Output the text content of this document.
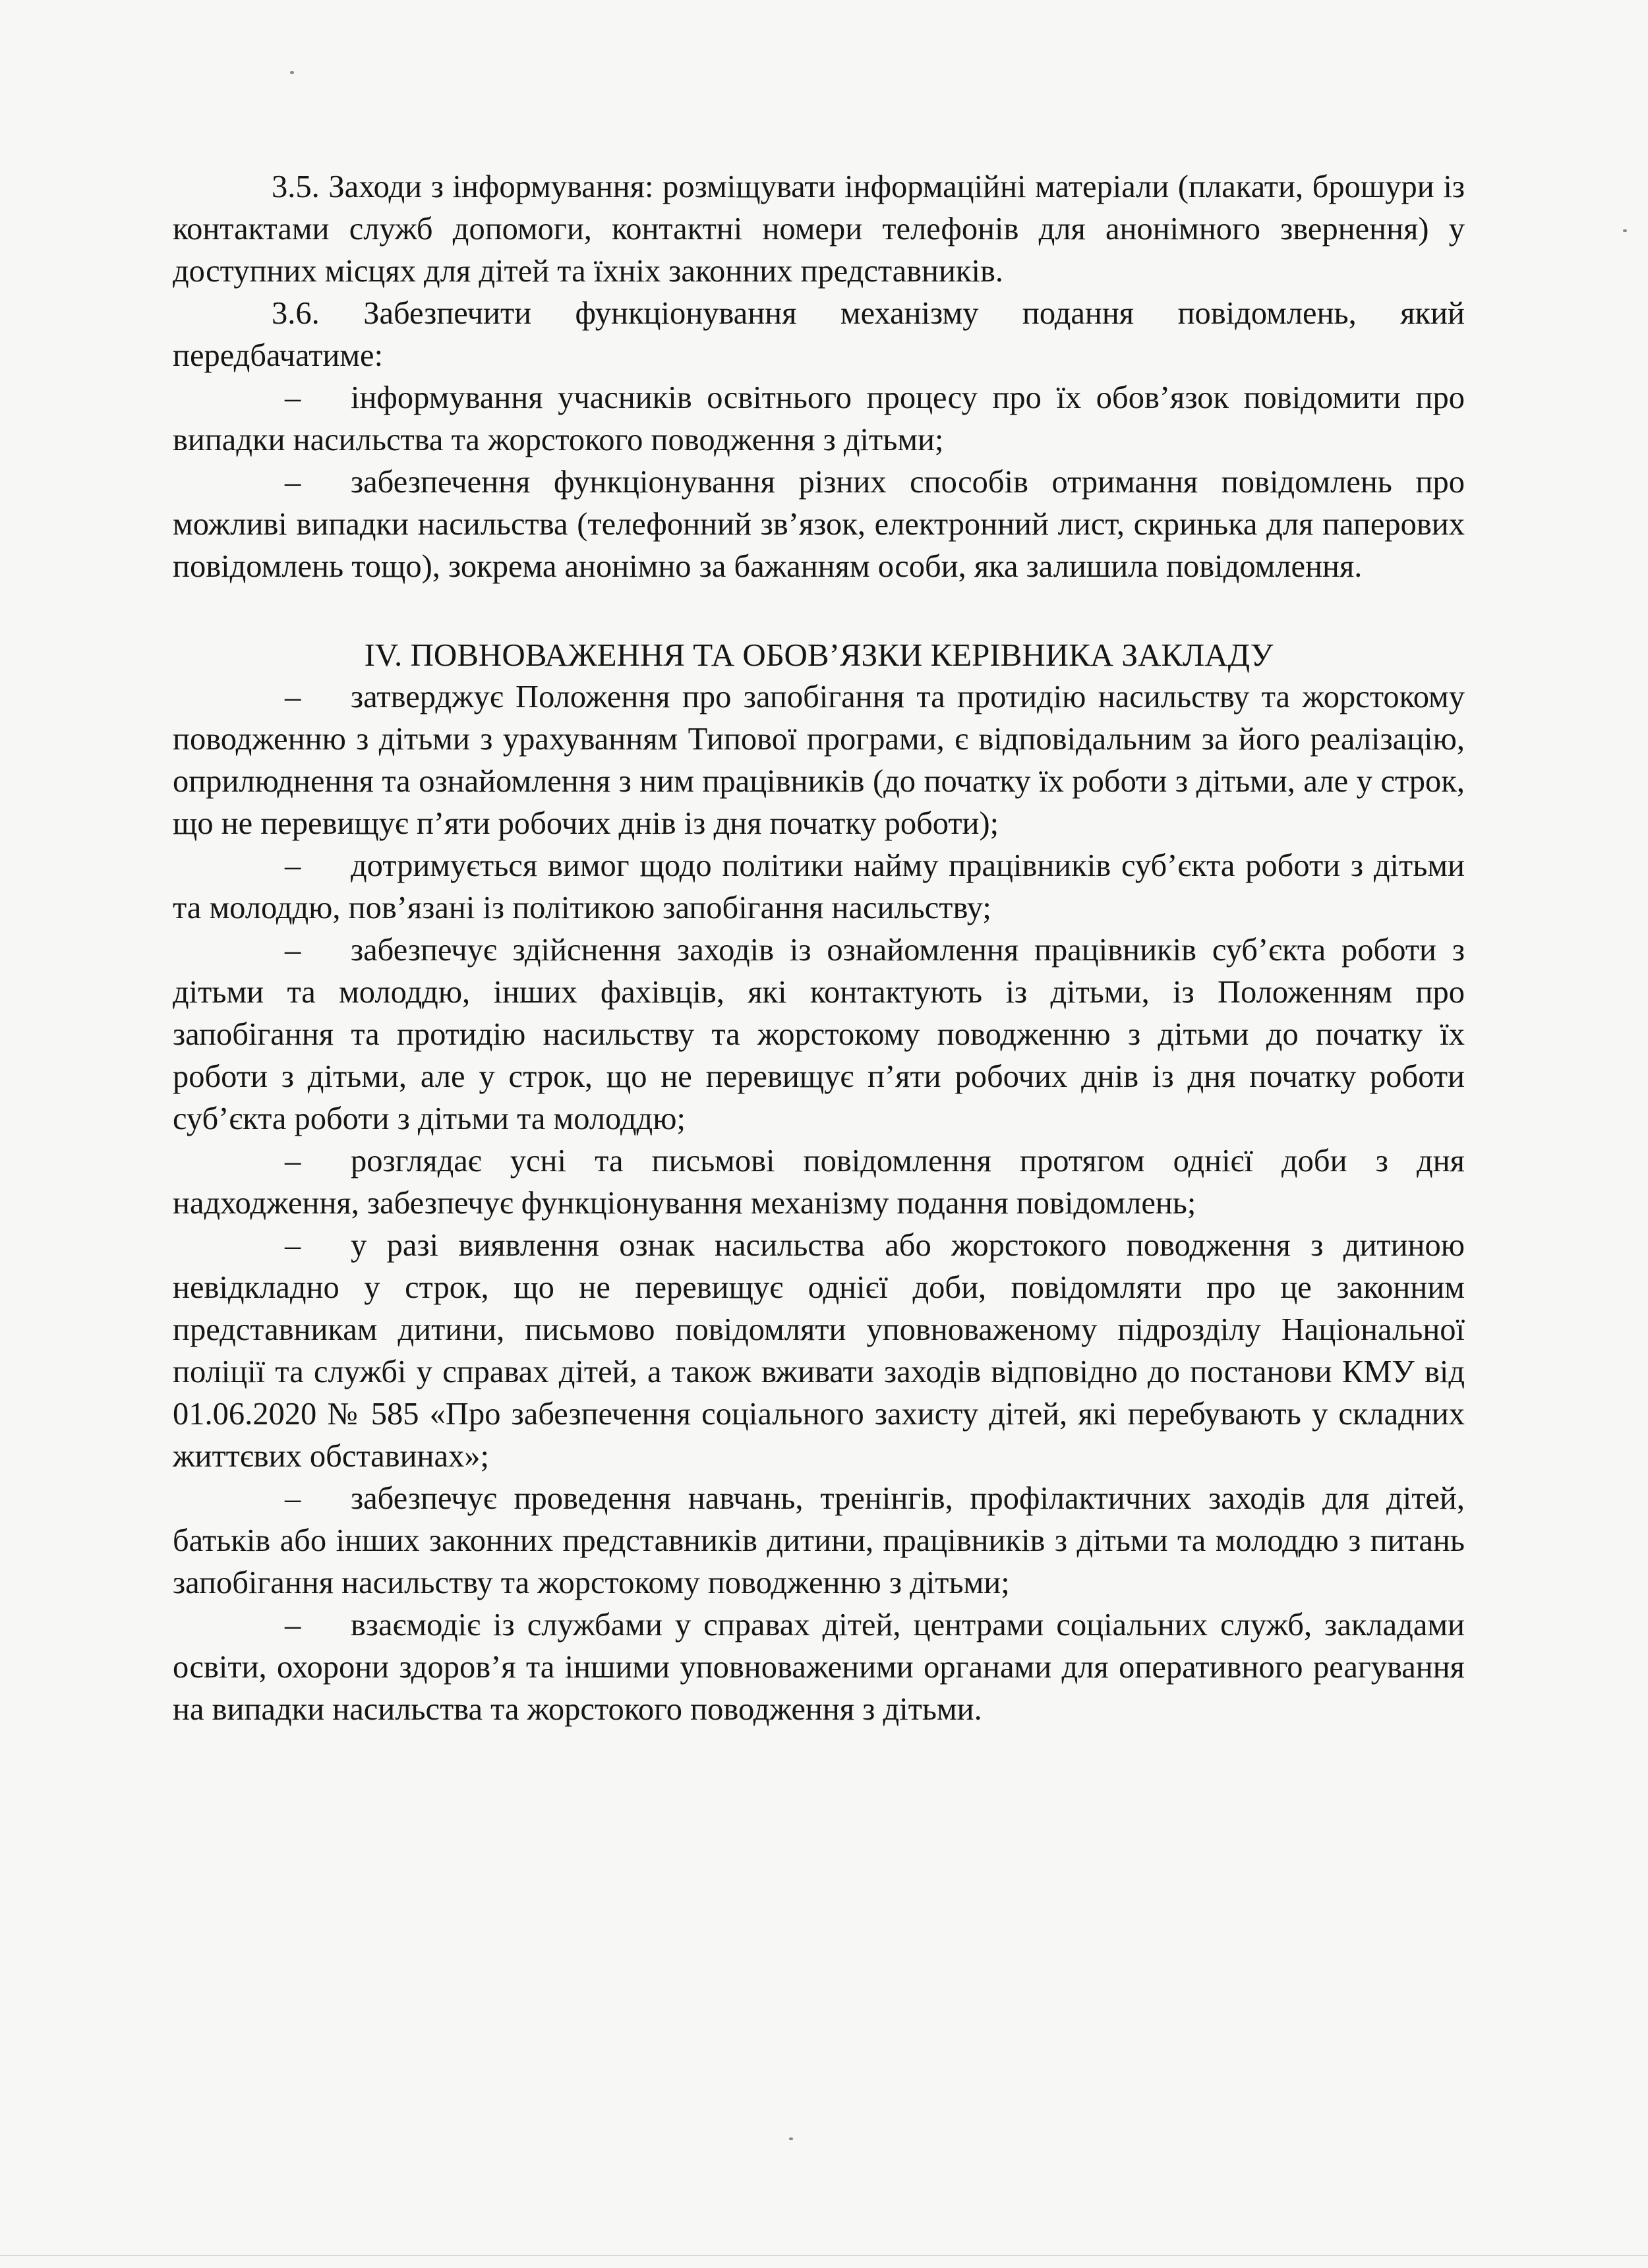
3.5. Заходи з інформування: розміщувати інформаційні матеріали (плакати, брошури із контактами служб допомоги, контактні номери телефонів для анонімного звернення) у доступних місцях для дітей та їхніх законних представників.

3.6. Забезпечити функціонування механізму подання повідомлень, який передбачатиме:

– інформування учасників освітнього процесу про їх обов’язок повідомити про випадки насильства та жорстокого поводження з дітьми;

– забезпечення функціонування різних способів отримання повідомлень про можливі випадки насильства (телефонний зв’язок, електронний лист, скринька для паперових повідомлень тощо), зокрема анонімно за бажанням особи, яка залишила повідомлення.

IV. ПОВНОВАЖЕННЯ ТА ОБОВ’ЯЗКИ КЕРІВНИКА ЗАКЛАДУ

– затверджує Положення про запобігання та протидію насильству та жорстокому поводженню з дітьми з урахуванням Типової програми, є відповідальним за його реалізацію, оприлюднення та ознайомлення з ним працівників (до початку їх роботи з дітьми, але у строк, що не перевищує п’яти робочих днів із дня початку роботи);

– дотримується вимог щодо політики найму працівників суб’єкта роботи з дітьми та молоддю, пов’язані із політикою запобігання насильству;

– забезпечує здійснення заходів із ознайомлення працівників суб’єкта роботи з дітьми та молоддю, інших фахівців, які контактують із дітьми, із Положенням про запобігання та протидію насильству та жорстокому поводженню з дітьми до початку їх роботи з дітьми, але у строк, що не перевищує п’яти робочих днів із дня початку роботи суб’єкта роботи з дітьми та молоддю;

– розглядає усні та письмові повідомлення протягом однієї доби з дня надходження, забезпечує функціонування механізму подання повідомлень;

– у разі виявлення ознак насильства або жорстокого поводження з дитиною невідкладно у строк, що не перевищує однієї доби, повідомляти про це законним представникам дитини, письмово повідомляти уповноваженому підрозділу Національної поліції та службі у справах дітей, а також вживати заходів відповідно до постанови КМУ від 01.06.2020 № 585 «Про забезпечення соціального захисту дітей, які перебувають у складних життєвих обставинах»;

– забезпечує проведення навчань, тренінгів, профілактичних заходів для дітей, батьків або інших законних представників дитини, працівників з дітьми та молоддю з питань запобігання насильству та жорстокому поводженню з дітьми;

– взаємодіє із службами у справах дітей, центрами соціальних служб, закладами освіти, охорони здоров’я та іншими уповноваженими органами для оперативного реагування на випадки насильства та жорстокого поводження з дітьми.
